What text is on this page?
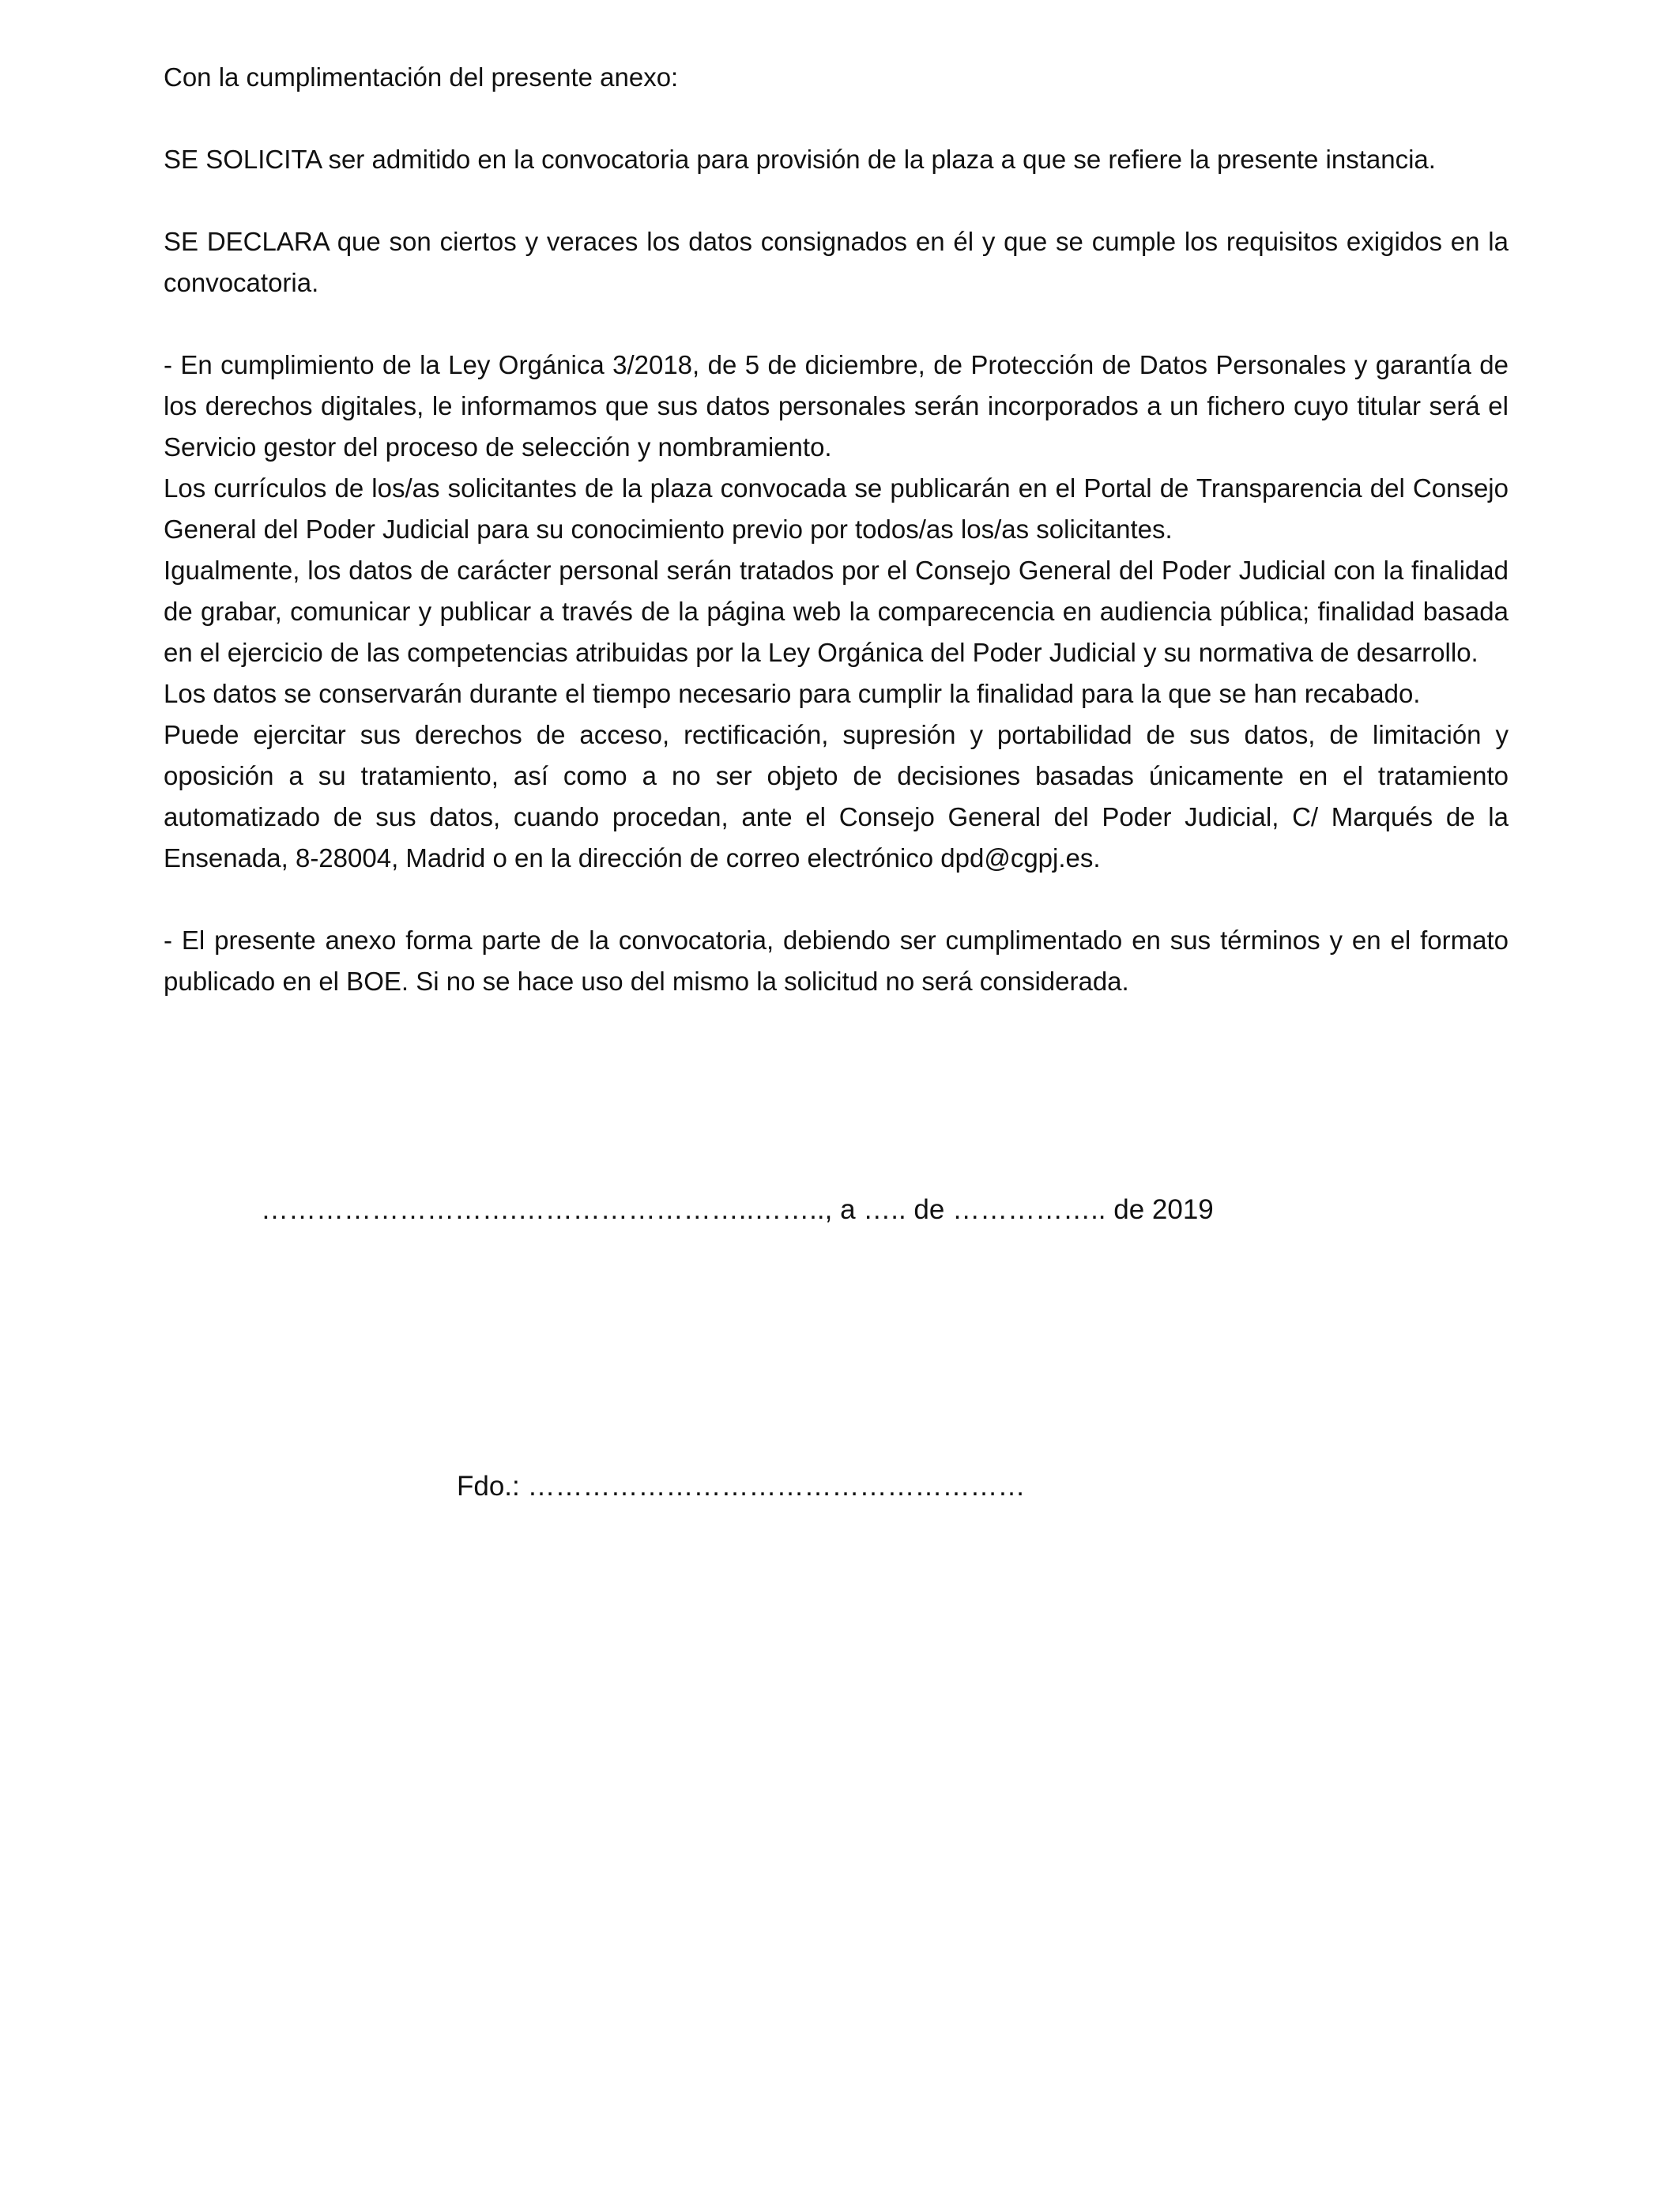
Con la cumplimentación del presente anexo:

SE SOLICITA ser admitido en la convocatoria para provisión de la plaza a que se refiere la presente instancia.

SE DECLARA que son ciertos y veraces los datos consignados en él y que se cumple los requisitos exigidos en la convocatoria.

- En cumplimiento de la Ley Orgánica 3/2018, de 5 de diciembre, de Protección de Datos Personales y garantía de los derechos digitales, le informamos que sus datos personales serán incorporados a un fichero cuyo titular será el Servicio gestor del proceso de selección y nombramiento.

Los currículos de los/as solicitantes de la plaza convocada se publicarán en el Portal de Transparencia del Consejo General del Poder Judicial para su conocimiento previo por todos/as los/as solicitantes.

Igualmente, los datos de carácter personal serán tratados por el Consejo General del Poder Judicial con la finalidad de grabar, comunicar y publicar a través de la página web la comparecencia en audiencia pública; finalidad basada en el ejercicio de las competencias atribuidas por la Ley Orgánica del Poder Judicial y su normativa de desarrollo.

Los datos se conservarán durante el tiempo necesario para cumplir la finalidad para la que se han recabado.

Puede ejercitar sus derechos de acceso, rectificación, supresión y portabilidad de sus datos, de limitación y oposición a su tratamiento, así como a no ser objeto de decisiones basadas únicamente en el tratamiento automatizado de sus datos, cuando procedan, ante el Consejo General del Poder Judicial, C/ Marqués de la Ensenada, 8-28004, Madrid o en la dirección de correo electrónico dpd@cgpj.es.

- El presente anexo forma parte de la convocatoria, debiendo ser cumplimentado en sus términos y en el formato publicado en el BOE. Si no se hace uso del mismo la solicitud no será considerada.

……………………….……………………..…….., a ….. de …………….. de 2019
Fdo.: ………………………………………………
